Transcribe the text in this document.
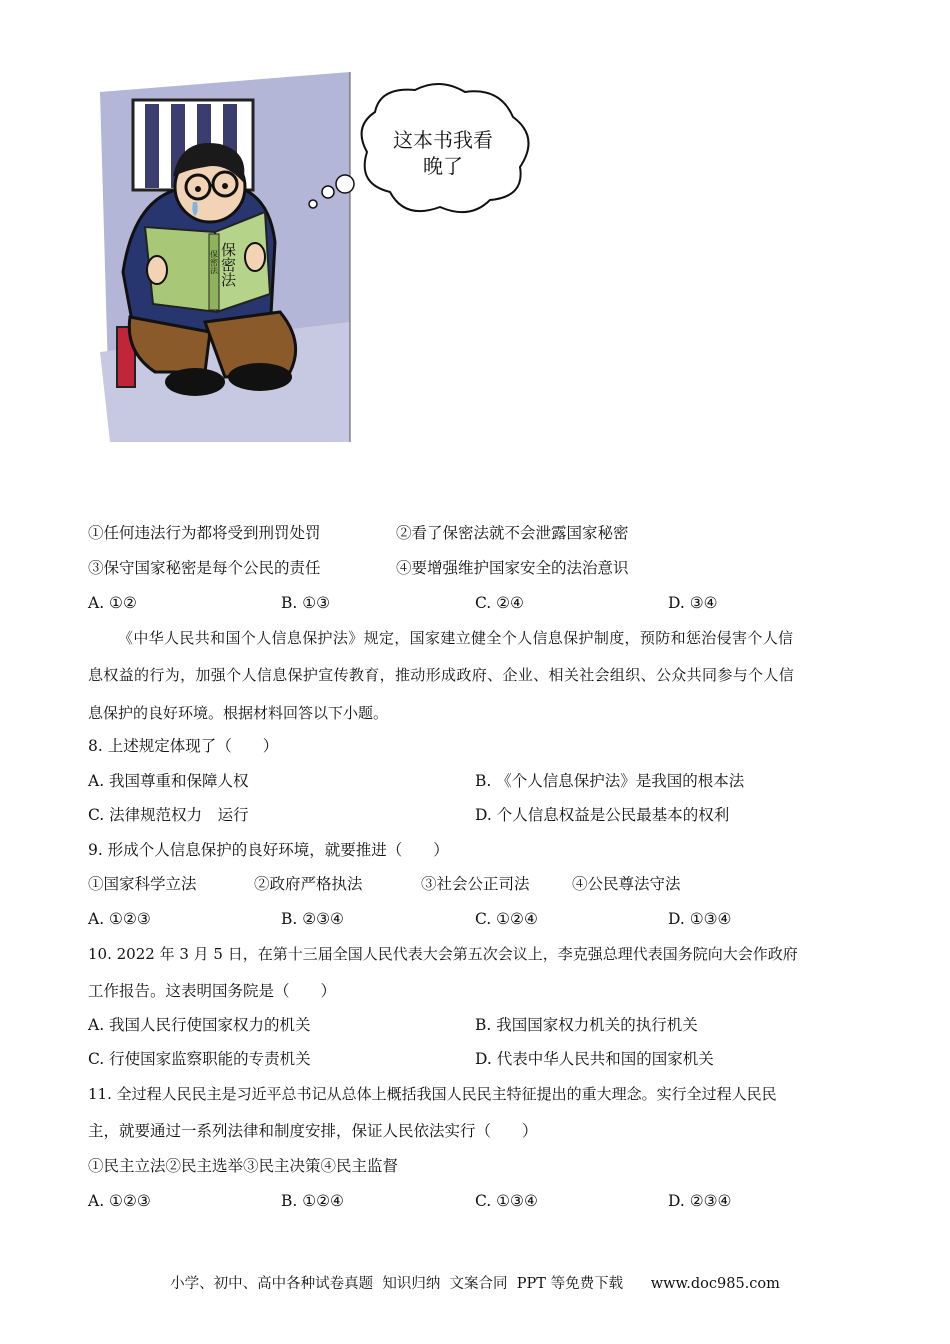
保密法
保密法
这本书我看
晚了
①任何违法行为都将受到刑罚处罚	②看了保密法就不会泄露国家秘密
③保守国家秘密是每个公民的责任	④要增强维护国家安全的法治意识
A. ①②	B. ①③	C. ②④	D. ③④
《中华人民共和国个人信息保护法》规定，国家建立健全个人信息保护制度，预防和惩治侵害个人信
息权益的行为，加强个人信息保护宣传教育，推动形成政府、企业、相关社会组织、公众共同参与个人信
息保护的良好环境。根据材料回答以下小题。
8. 上述规定体现了（　　）
A. 我国尊重和保障人权	B. 《个人信息保护法》是我国的根本法
C. 法律规范权力　运行	D. 个人信息权益是公民最基本的权利
9. 形成个人信息保护的良好环境，就要推进（　　）
①国家科学立法	②政府严格执法	③社会公正司法	④公民尊法守法
A. ①②③	B. ②③④	C. ①②④	D. ①③④
10. 2022 年 3 月 5 日，在第十三届全国人民代表大会第五次会议上，李克强总理代表国务院向大会作政府
工作报告。这表明国务院是（　　）
A. 我国人民行使国家权力的机关	B. 我国国家权力机关的执行机关
C. 行使国家监察职能的专责机关	D. 代表中华人民共和国的国家机关
11. 全过程人民民主是习近平总书记从总体上概括我国人民民主特征提出的重大理念。实行全过程人民民
主，就要通过一系列法律和制度安排，保证人民依法实行（　　）
①民主立法②民主选举③民主决策④民主监督
A. ①②③	B. ①②④	C. ①③④	D. ②③④
小学、初中、高中各种试卷真题  知识归纳  文案合同  PPT 等免费下载 www.doc985.com
